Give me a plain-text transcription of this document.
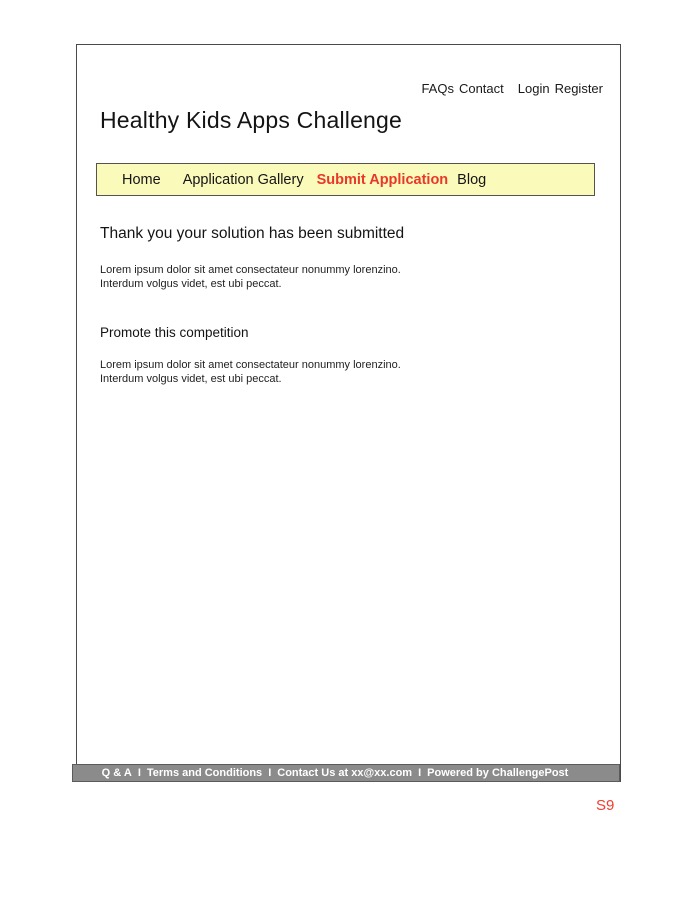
FAQs Contact Login Register
Healthy Kids Apps Challenge
Home Application Gallery Submit Application Blog

Thank you your solution has been submitted

Lorem ipsum dolor sit amet consectateur nonummy lorenzino.

Interdum volgus videt, est ubi peccat.

Promote this competition

Lorem ipsum dolor sit amet consectateur nonummy lorenzino.

Interdum volgus videt, est ubi peccat.

Q & A I Terms and Conditions I Contact Us at xx@xx.com I Powered by ChallengePost
S9
